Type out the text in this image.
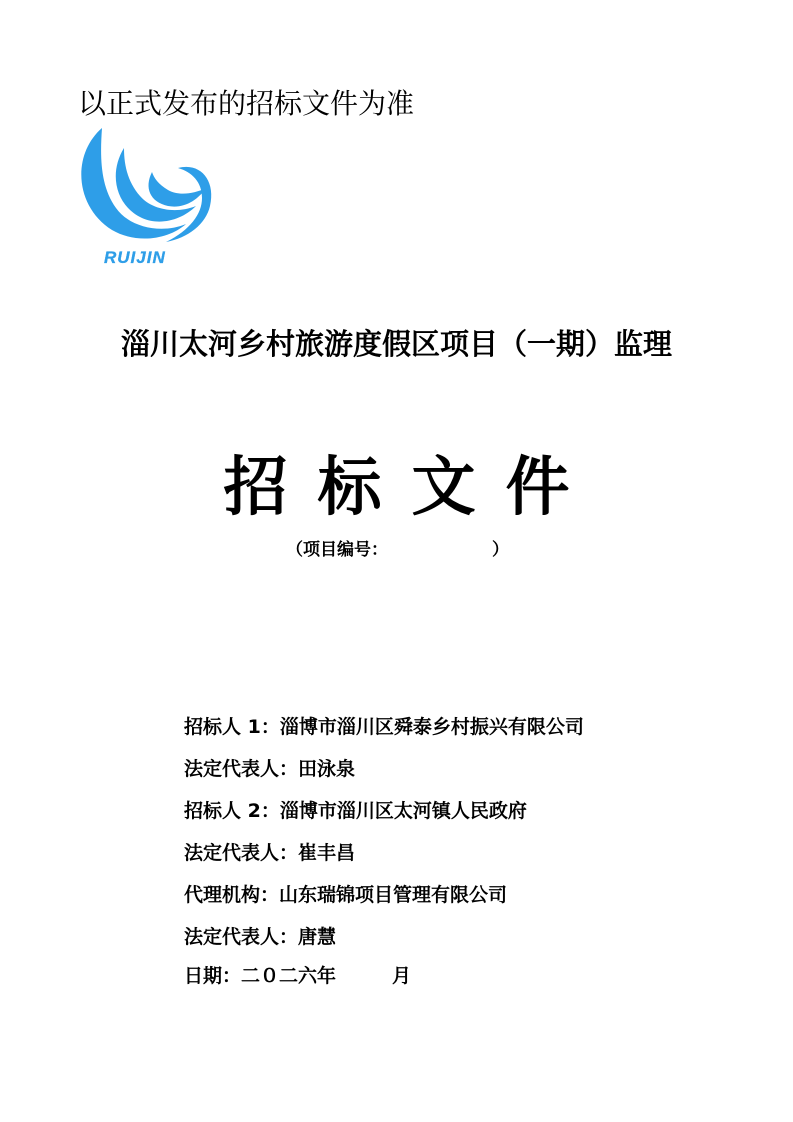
以正式发布的招标文件为准
RUIJIN
淄川太河乡村旅游度假区项目（一期）监理
招标文件
（项目编号：	）
招标人 1：淄博市淄川区舜泰乡村振兴有限公司
法定代表人：田泳泉
招标人 2：淄博市淄川区太河镇人民政府
法定代表人：崔丰昌
代理机构：山东瑞锦项目管理有限公司
法定代表人：唐慧
日期：二０二六年	月
